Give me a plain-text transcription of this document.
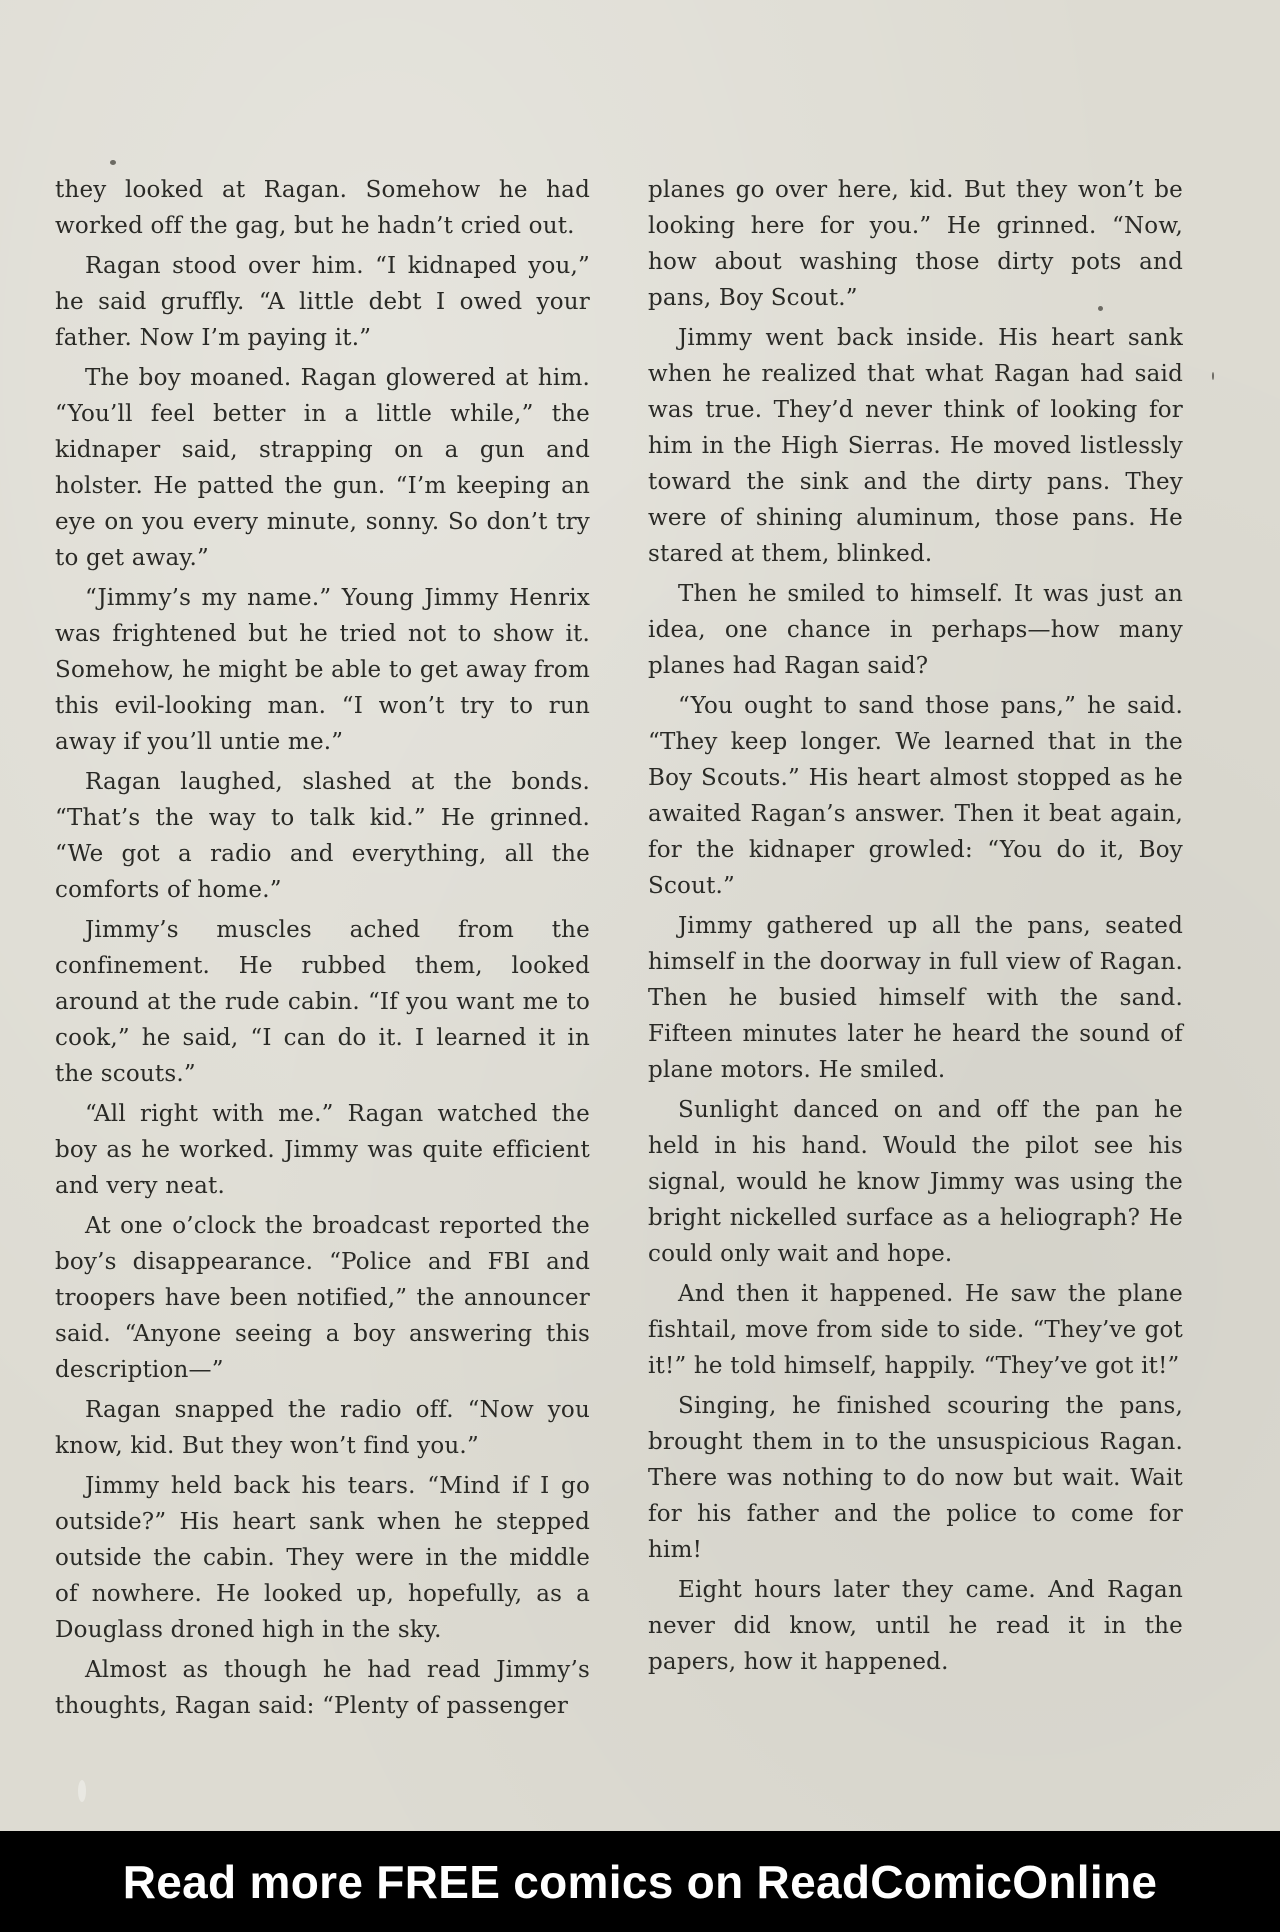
they looked at Ragan. Somehow he had worked off the gag, but he hadn’t cried out.

Ragan stood over him. “I kidnaped you,” he said gruffly. “A little debt I owed your father. Now I’m paying it.”

The boy moaned. Ragan glowered at him. “You’ll feel better in a little while,” the kidnaper said, strapping on a gun and holster. He patted the gun. “I’m keeping an eye on you every minute, sonny. So don’t try to get away.”

“Jimmy’s my name.” Young Jimmy Henrix was frightened but he tried not to show it. Somehow, he might be able to get away from this evil-looking man. “I won’t try to run away if you’ll untie me.”

Ragan laughed, slashed at the bonds. “That’s the way to talk kid.” He grinned. “We got a radio and everything, all the comforts of home.”

Jimmy’s muscles ached from the confinement. He rubbed them, looked around at the rude cabin. “If you want me to cook,” he said, “I can do it. I learned it in the scouts.”

“All right with me.” Ragan watched the boy as he worked. Jimmy was quite efficient and very neat.

At one o’clock the broadcast reported the boy’s disappearance. “Police and FBI and troopers have been notified,” the announcer said. “Anyone seeing a boy answering this description—”

Ragan snapped the radio off. “Now you know, kid. But they won’t find you.”

Jimmy held back his tears. “Mind if I go outside?” His heart sank when he stepped outside the cabin. They were in the middle of nowhere. He looked up, hopefully, as a Douglass droned high in the sky.

Almost as though he had read Jimmy’s thoughts, Ragan said: “Plenty of passenger

planes go over here, kid. But they won’t be looking here for you.” He grinned. “Now, how about washing those dirty pots and pans, Boy Scout.”

Jimmy went back inside. His heart sank when he realized that what Ragan had said was true. They’d never think of looking for him in the High Sierras. He moved listlessly toward the sink and the dirty pans. They were of shining aluminum, those pans. He stared at them, blinked.

Then he smiled to himself. It was just an idea, one chance in perhaps—how many planes had Ragan said?

“You ought to sand those pans,” he said. “They keep longer. We learned that in the Boy Scouts.” His heart almost stopped as he awaited Ragan’s answer. Then it beat again, for the kidnaper growled: “You do it, Boy Scout.”

Jimmy gathered up all the pans, seated himself in the doorway in full view of Ragan. Then he busied himself with the sand. Fifteen minutes later he heard the sound of plane motors. He smiled.

Sunlight danced on and off the pan he held in his hand. Would the pilot see his signal, would he know Jimmy was using the bright nickelled surface as a heliograph? He could only wait and hope.

And then it happened. He saw the plane fishtail, move from side to side. “They’ve got it!” he told himself, happily. “They’ve got it!”

Singing, he finished scouring the pans, brought them in to the unsuspicious Ragan. There was nothing to do now but wait. Wait for his father and the police to come for him!

Eight hours later they came. And Ragan never did know, until he read it in the papers, how it happened.

Read more FREE comics on ReadComicOnline
